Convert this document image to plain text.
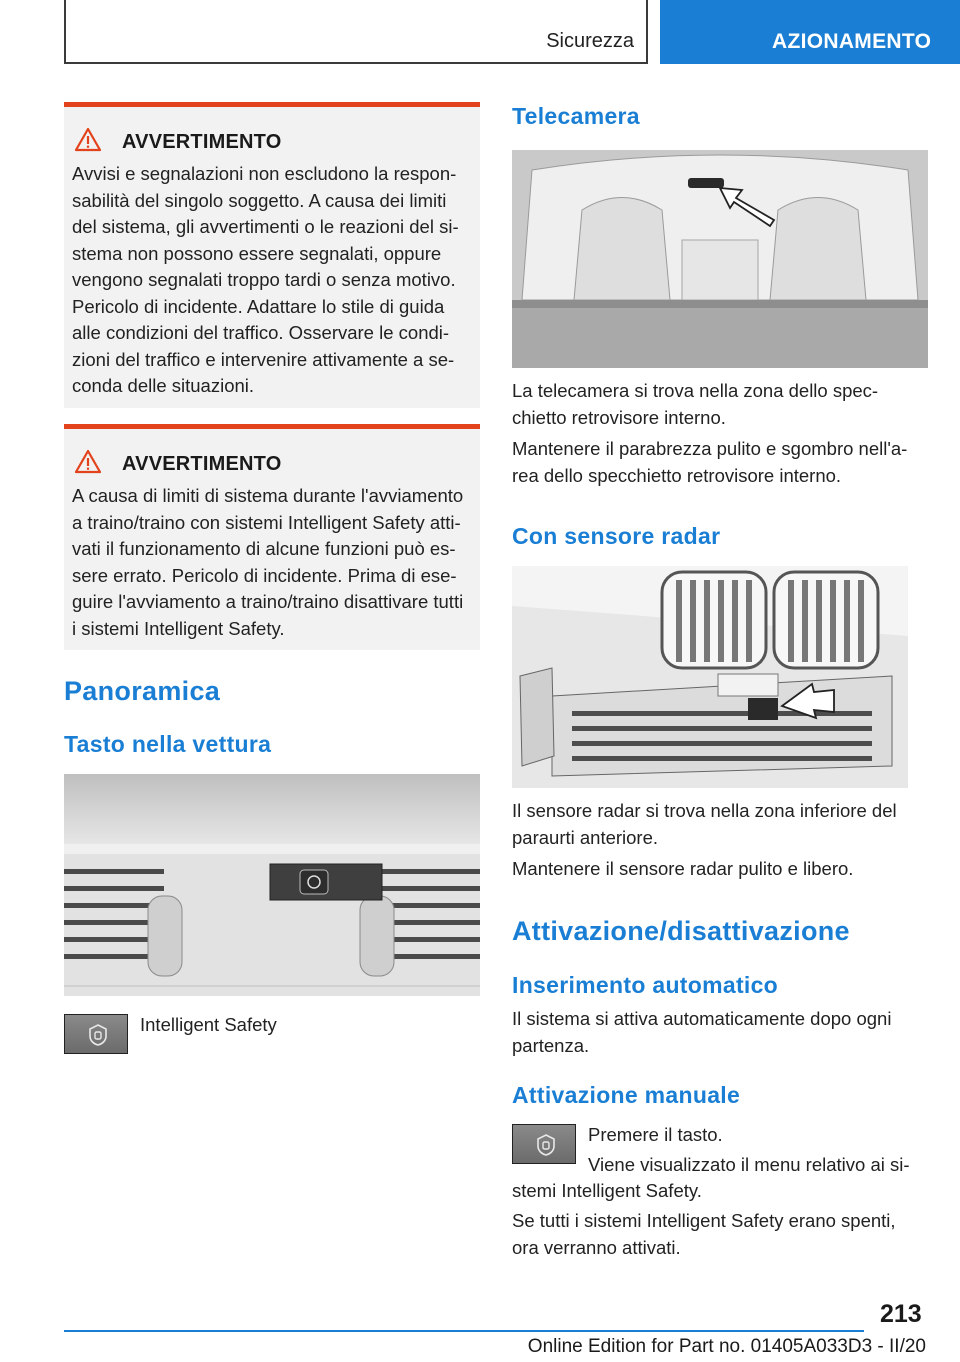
Sicurezza	AZIONAMENTO
AVVERTIMENTO
Avvisi e segnalazioni non escludono la respon-
sabilità del singolo soggetto. A causa dei limiti
del sistema, gli avvertimenti o le reazioni del si-
stema non possono essere segnalati, oppure
vengono segnalati troppo tardi o senza motivo.
Pericolo di incidente. Adattare lo stile di guida
alle condizioni del traffico. Osservare le condi-
zioni del traffico e intervenire attivamente a se-
conda delle situazioni.
AVVERTIMENTO
A causa di limiti di sistema durante l'avviamento
a traino/traino con sistemi Intelligent Safety atti-
vati il funzionamento di alcune funzioni può es-
sere errato. Pericolo di incidente. Prima di ese-
guire l'avviamento a traino/traino disattivare tutti
i sistemi Intelligent Safety.
Panoramica
Tasto nella vettura
Intelligent Safety
Telecamera
La telecamera si trova nella zona dello spec-
chietto retrovisore interno.
Mantenere il parabrezza pulito e sgombro nell'a-
rea dello specchietto retrovisore interno.
Con sensore radar
Il sensore radar si trova nella zona inferiore del
paraurti anteriore.
Mantenere il sensore radar pulito e libero.
Attivazione/disattivazione
Inserimento automatico
Il sistema si attiva automaticamente dopo ogni
partenza.
Attivazione manuale
Premere il tasto.
Viene visualizzato il menu relativo ai si-
stemi Intelligent Safety.
Se tutti i sistemi Intelligent Safety erano spenti,
ora verranno attivati.
213
Online Edition for Part no. 01405A033D3 - II/20
